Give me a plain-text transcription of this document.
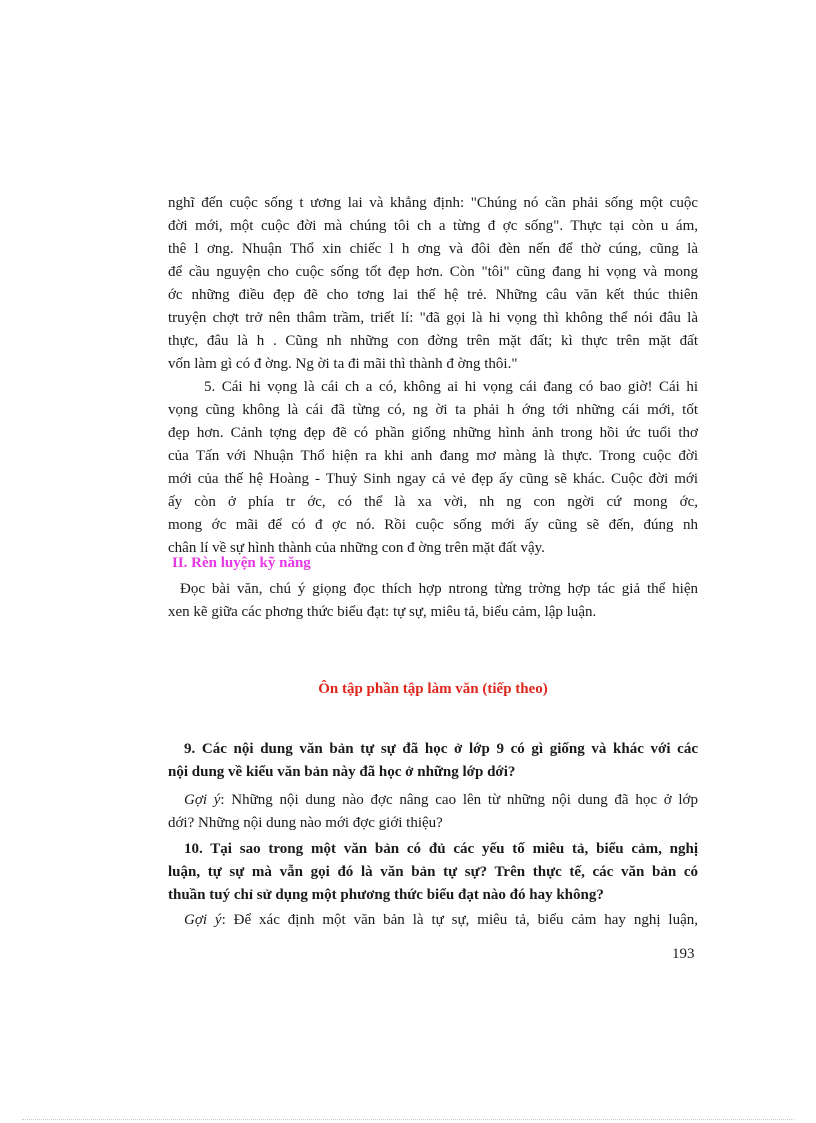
nghĩ đến cuộc sống t ương lai và khẳng định: "Chúng nó cần phải sống một cuộc
đời mới, một cuộc đời mà chúng tôi ch a từng đ ợc sống". Thực tại còn u ám,
thê l ơng. Nhuận Thổ xin chiếc l h ơng và đôi đèn nến để thờ cúng, cũng là
để cầu nguyện cho cuộc sống tốt đẹp hơn. Còn "tôi" cũng đang hi vọng và mong
ớc những điều đẹp đẽ cho tơng lai thế hệ trẻ. Những câu văn kết thúc thiên
truyện chợt trở nên thâm trầm, triết lí: "đã gọi là hi vọng thì không thể nói đâu là
thực, đâu là h . Cũng nh những con đờng trên mặt đất; kì thực trên mặt đất
vốn làm gì có đ ờng. Ng ời ta đi mãi thì thành đ ờng thôi."
5. Cái hi vọng là cái ch a có, không ai hi vọng cái đang có bao giờ! Cái hi
vọng cũng không là cái đã từng có, ng ời ta phải h ớng tới những cái mới, tốt
đẹp hơn. Cảnh tợng đẹp đẽ có phần giống những hình ảnh trong hồi ức tuổi thơ
của Tấn với Nhuận Thổ hiện ra khi anh đang mơ màng là thực. Trong cuộc đời
mới của thế hệ Hoàng - Thuỷ Sinh ngay cả vẻ đẹp ấy cũng sẽ khác. Cuộc đời mới
ấy còn ở phía tr ớc, có thể là xa vời, nh ng con ngời cứ mong ớc,
mong ớc mãi để có đ ợc nó. Rồi cuộc sống mới ấy cũng sẽ đến, đúng nh
chân lí về sự hình thành của những con đ ờng trên mặt đất vậy.
II. Rèn luyện kỹ năng
Đọc bài văn, chú ý giọng đọc thích hợp ntrong từng trờng hợp tác giả thể hiện
xen kẽ giữa các phơng thức biểu đạt: tự sự, miêu tả, biểu cảm, lập luận.
Ôn tập phần tập làm văn (tiếp theo)
9. Các nội dung văn bản tự sự đã học ở lớp 9 có gì giống và khác với các
nội dung về kiểu văn bản này đã học ở những lớp dới?
Gợi ý: Những nội dung nào đợc nâng cao lên từ những nội dung đã học ở lớp
dới? Những nội dung nào mới đợc giới thiệu?
10. Tại sao trong một văn bản có đủ các yếu tố miêu tả, biểu cảm, nghị
luận, tự sự mà vẫn gọi đó là văn bản tự sự? Trên thực tế, các văn bản có
thuần tuý chỉ sử dụng một phương thức biểu đạt nào đó hay không?
Gợi ý: Để xác định một văn bản là tự sự, miêu tả, biểu cảm hay nghị luận,
193
